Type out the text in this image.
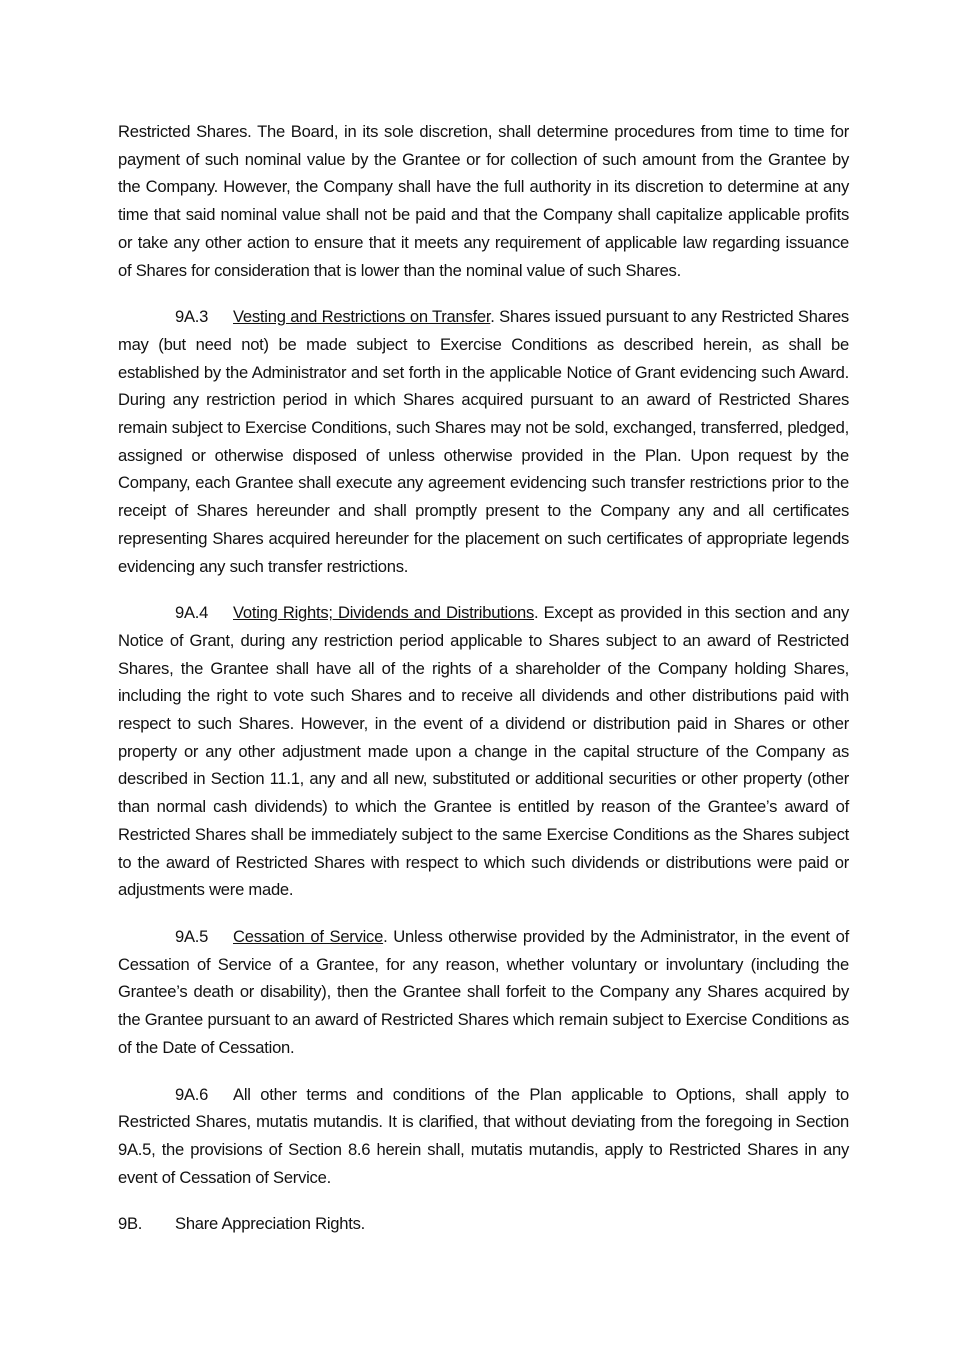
Restricted Shares. The Board, in its sole discretion, shall determine procedures from time to time for payment of such nominal value by the Grantee or for collection of such amount from the Grantee by the Company. However, the Company shall have the full authority in its discretion to determine at any time that said nominal value shall not be paid and that the Company shall capitalize applicable profits or take any other action to ensure that it meets any requirement of applicable law regarding issuance of Shares for consideration that is lower than the nominal value of such Shares.

9A.3 Vesting and Restrictions on Transfer. Shares issued pursuant to any Restricted Shares may (but need not) be made subject to Exercise Conditions as described herein, as shall be established by the Administrator and set forth in the applicable Notice of Grant evidencing such Award. During any restriction period in which Shares acquired pursuant to an award of Restricted Shares remain subject to Exercise Conditions, such Shares may not be sold, exchanged, transferred, pledged, assigned or otherwise disposed of unless otherwise provided in the Plan. Upon request by the Company, each Grantee shall execute any agreement evidencing such transfer restrictions prior to the receipt of Shares hereunder and shall promptly present to the Company any and all certificates representing Shares acquired hereunder for the placement on such certificates of appropriate legends evidencing any such transfer restrictions.

9A.4 Voting Rights; Dividends and Distributions. Except as provided in this section and any Notice of Grant, during any restriction period applicable to Shares subject to an award of Restricted Shares, the Grantee shall have all of the rights of a shareholder of the Company holding Shares, including the right to vote such Shares and to receive all dividends and other distributions paid with respect to such Shares. However, in the event of a dividend or distribution paid in Shares or other property or any other adjustment made upon a change in the capital structure of the Company as described in Section 11.1, any and all new, substituted or additional securities or other property (other than normal cash dividends) to which the Grantee is entitled by reason of the Grantee’s award of Restricted Shares shall be immediately subject to the same Exercise Conditions as the Shares subject to the award of Restricted Shares with respect to which such dividends or distributions were paid or adjustments were made.

9A.5 Cessation of Service. Unless otherwise provided by the Administrator, in the event of Cessation of Service of a Grantee, for any reason, whether voluntary or involuntary (including the Grantee’s death or disability), then the Grantee shall forfeit to the Company any Shares acquired by the Grantee pursuant to an award of Restricted Shares which remain subject to Exercise Conditions as of the Date of Cessation.

9A.6 All other terms and conditions of the Plan applicable to Options, shall apply to Restricted Shares, mutatis mutandis. It is clarified, that without deviating from the foregoing in Section 9A.5, the provisions of Section 8.6 herein shall, mutatis mutandis, apply to Restricted Shares in any event of Cessation of Service.

9B. Share Appreciation Rights.
